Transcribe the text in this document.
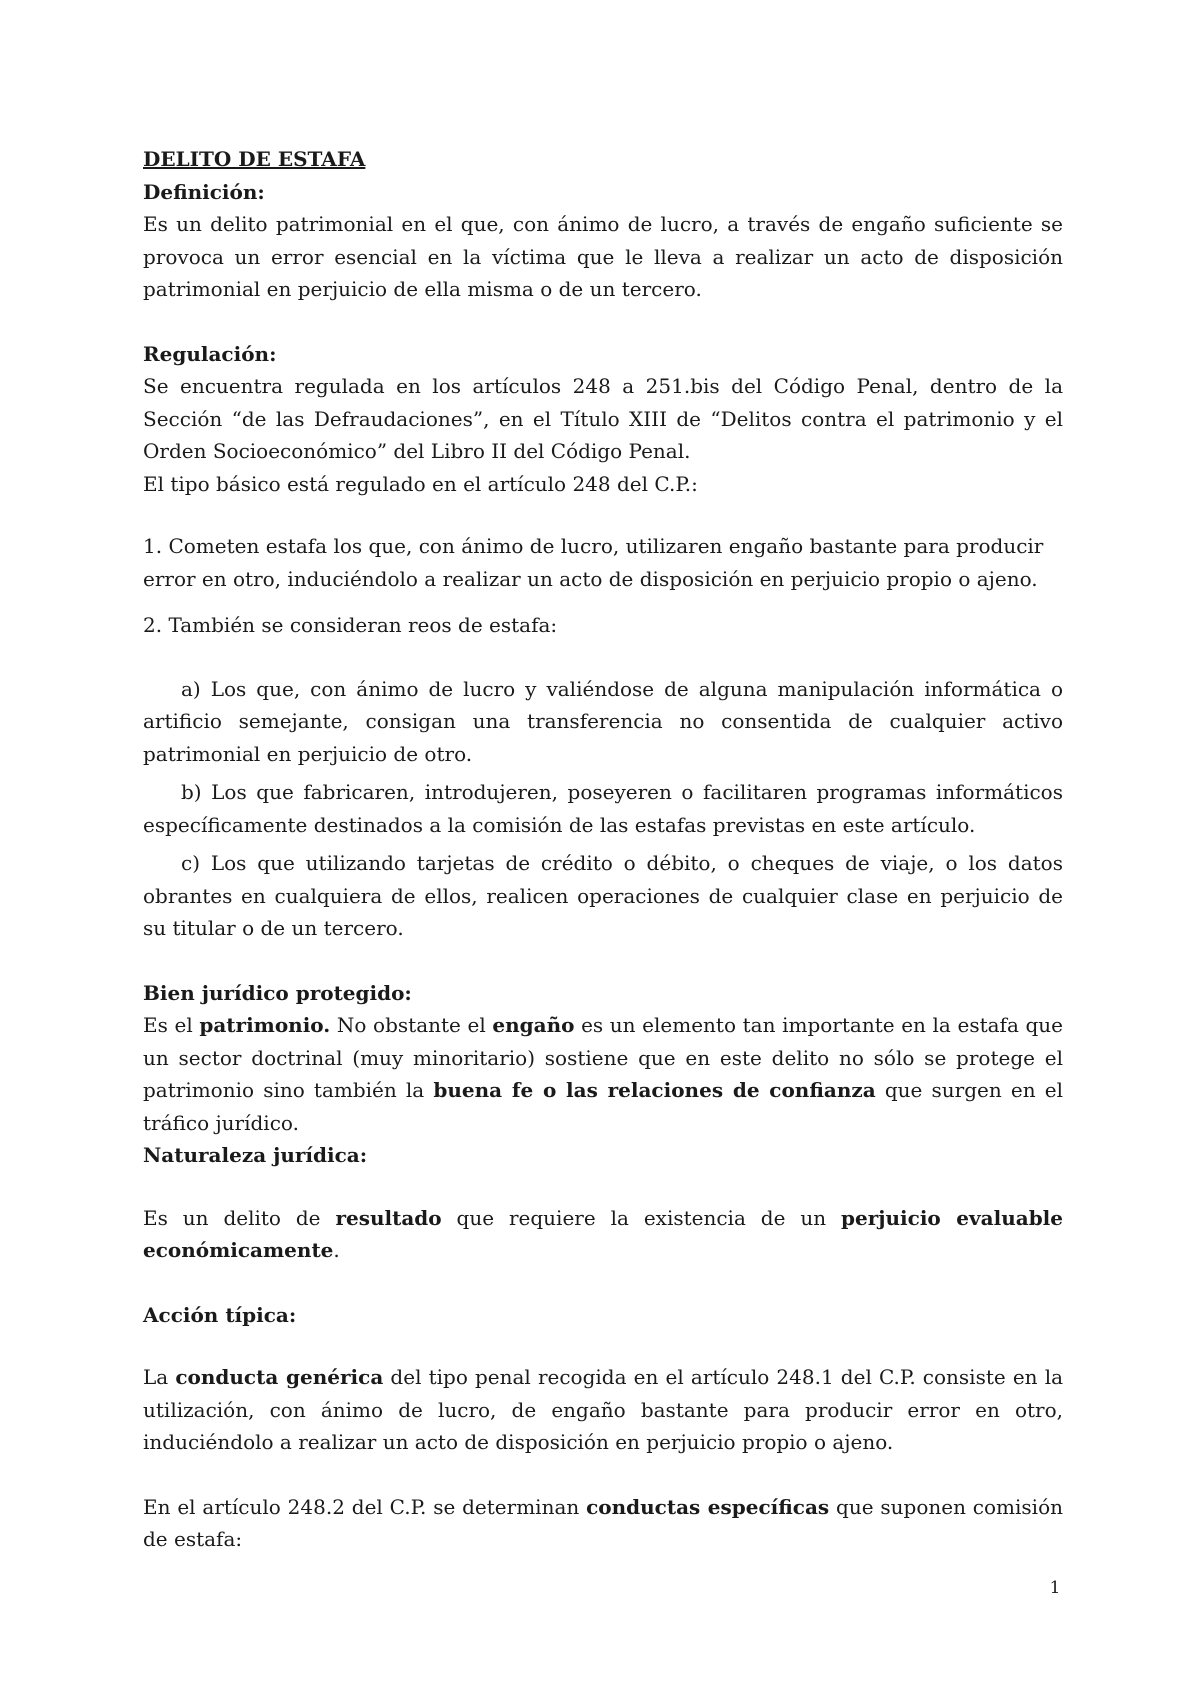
DELITO DE ESTAFA

Definición:

Es un delito patrimonial en el que, con ánimo de lucro, a través de engaño suficiente se provoca un error esencial en la víctima que le lleva a realizar un acto de disposición patrimonial en perjuicio de ella misma o de un tercero.

Regulación:

Se encuentra regulada en los artículos 248 a 251.bis del Código Penal, dentro de la Sección “de las Defraudaciones”, en el Título XIII de “Delitos contra el patrimonio y el Orden Socioeconómico” del Libro II del Código Penal.

El tipo básico está regulado en el artículo 248 del C.P.:

1. Cometen estafa los que, con ánimo de lucro, utilizaren engaño bastante para producir error en otro, induciéndolo a realizar un acto de disposición en perjuicio propio o ajeno.

2. También se consideran reos de estafa:

a) Los que, con ánimo de lucro y valiéndose de alguna manipulación informática o artificio semejante, consigan una transferencia no consentida de cualquier activo patrimonial en perjuicio de otro.

b) Los que fabricaren, introdujeren, poseyeren o facilitaren programas informáticos específicamente destinados a la comisión de las estafas previstas en este artículo.

c) Los que utilizando tarjetas de crédito o débito, o cheques de viaje, o los datos obrantes en cualquiera de ellos, realicen operaciones de cualquier clase en perjuicio de su titular o de un tercero.

Bien jurídico protegido:

Es el patrimonio. No obstante el engaño es un elemento tan importante en la estafa que un sector doctrinal (muy minoritario) sostiene que en este delito no sólo se protege el patrimonio sino también la buena fe o las relaciones de confianza que surgen en el tráfico jurídico.

Naturaleza jurídica:

Es un delito de resultado que requiere la existencia de un perjuicio evaluable económicamente.

Acción típica:

La conducta genérica del tipo penal recogida en el artículo 248.1 del C.P. consiste en la utilización, con ánimo de lucro, de engaño bastante para producir error en otro, induciéndolo a realizar un acto de disposición en perjuicio propio o ajeno.

En el artículo 248.2 del C.P. se determinan conductas específicas que suponen comisión de estafa:

1
